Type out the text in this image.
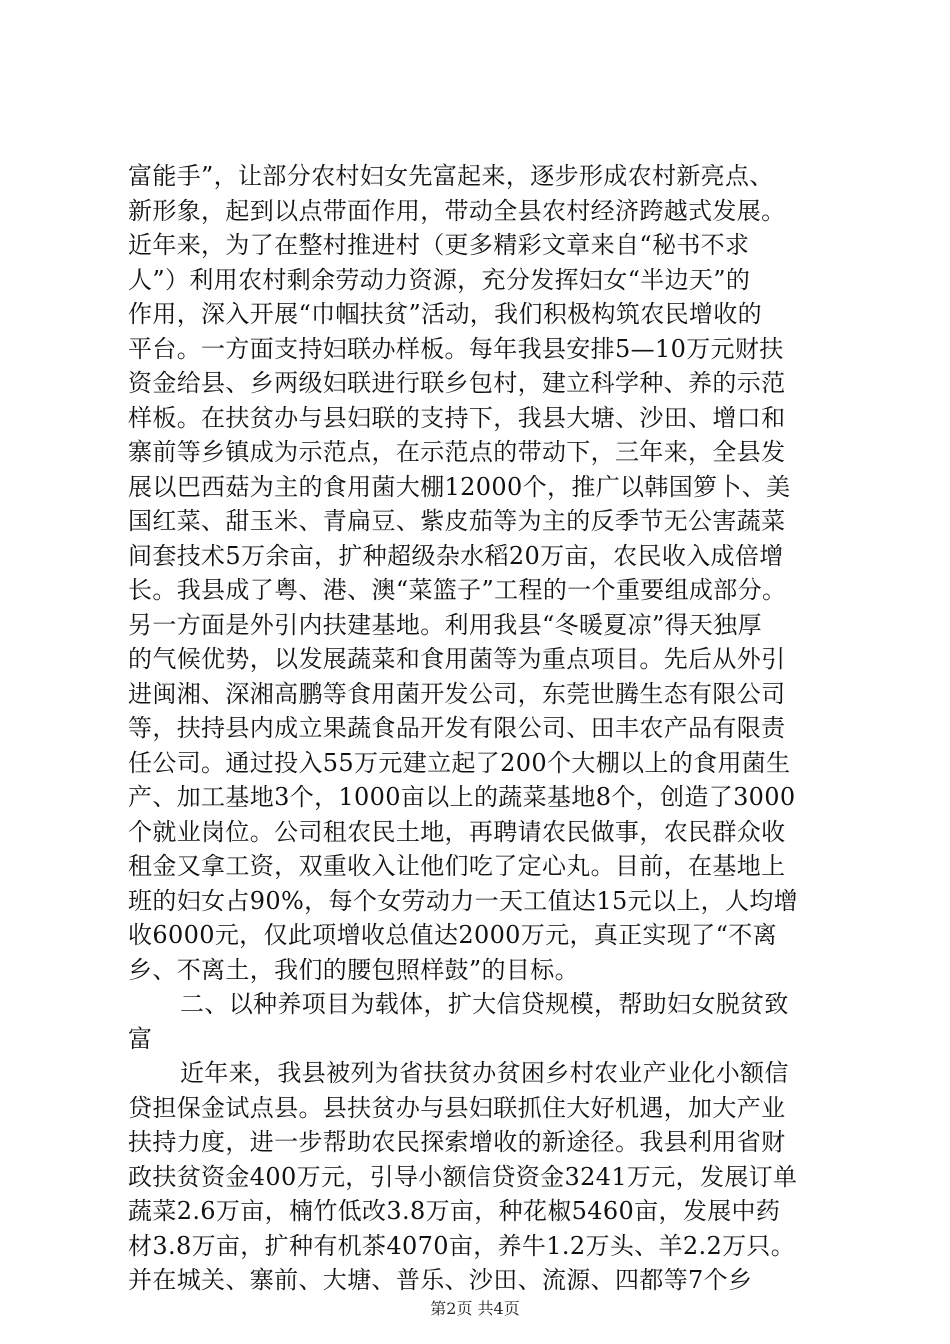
富能手”，让部分农村妇女先富起来，逐步形成农村新亮点、
新形象，起到以点带面作用，带动全县农村经济跨越式发展。
近年来，为了在整村推进村（更多精彩文章来自“秘书不求
人”）利用农村剩余劳动力资源，充分发挥妇女“半边天”的
作用，深入开展“巾帼扶贫”活动，我们积极构筑农民增收的
平台。一方面支持妇联办样板。每年我县安排5—10万元财扶
资金给县、乡两级妇联进行联乡包村，建立科学种、养的示范
样板。在扶贫办与县妇联的支持下，我县大塘、沙田、增口和
寨前等乡镇成为示范点，在示范点的带动下，三年来，全县发
展以巴西菇为主的食用菌大棚12000个，推广以韩国箩卜、美
国红菜、甜玉米、青扁豆、紫皮茄等为主的反季节无公害蔬菜
间套技术5万余亩，扩种超级杂水稻20万亩，农民收入成倍增
长。我县成了粤、港、澳“菜篮子”工程的一个重要组成部分。
另一方面是外引内扶建基地。利用我县“冬暖夏凉”得天独厚
的气候优势，以发展蔬菜和食用菌等为重点项目。先后从外引
进闽湘、深湘高鹏等食用菌开发公司，东莞世腾生态有限公司
等，扶持县内成立果蔬食品开发有限公司、田丰农产品有限责
任公司。通过投入55万元建立起了200个大棚以上的食用菌生
产、加工基地3个，1000亩以上的蔬菜基地8个，创造了3000
个就业岗位。公司租农民土地，再聘请农民做事，农民群众收
租金又拿工资，双重收入让他们吃了定心丸。目前，在基地上
班的妇女占90%，每个女劳动力一天工值达15元以上，人均增
收6000元，仅此项增收总值达2000万元，真正实现了“不离
乡、不离土，我们的腰包照样鼓”的目标。
二、以种养项目为载体，扩大信贷规模，帮助妇女脱贫致
富
近年来，我县被列为省扶贫办贫困乡村农业产业化小额信
贷担保金试点县。县扶贫办与县妇联抓住大好机遇，加大产业
扶持力度，进一步帮助农民探索增收的新途径。我县利用省财
政扶贫资金400万元，引导小额信贷资金3241万元，发展订单
蔬菜2.6万亩，楠竹低改3.8万亩，种花椒5460亩，发展中药
材3.8万亩，扩种有机茶4070亩，养牛1.2万头、羊2.2万只。
并在城关、寨前、大塘、普乐、沙田、流源、四都等7个乡
第2页 共4页
